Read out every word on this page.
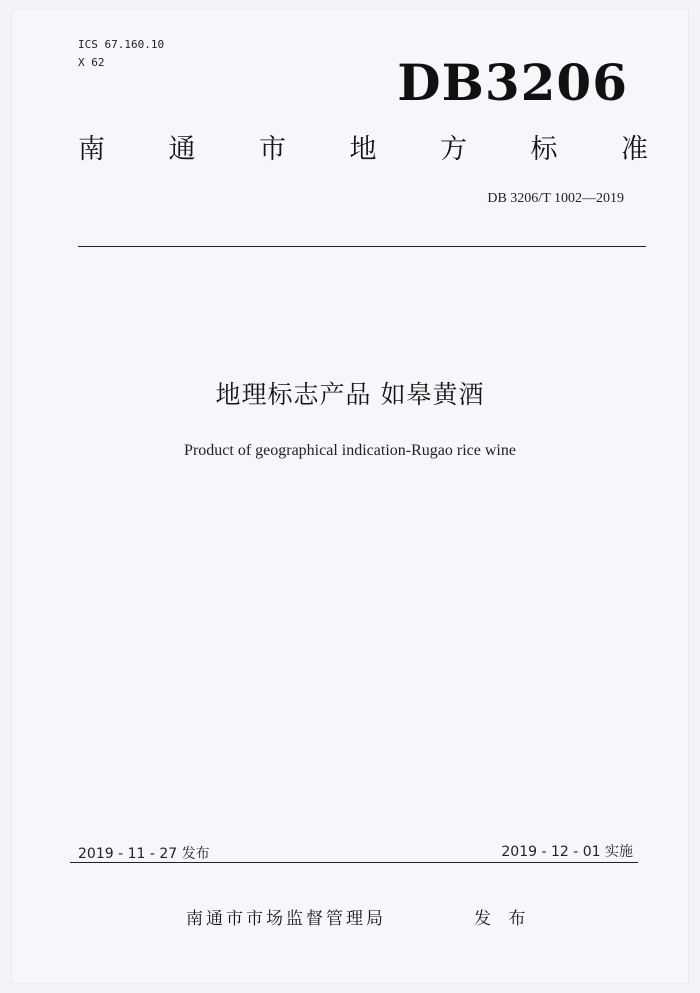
ICS 67.160.10
X 62	DB3206
南 通 市 地 方 标 准
DB 3206/T 1002—2019
地理标志产品 如皋黄酒
Product of geographical indication-Rugao rice wine
2019 - 11 - 27 发布	2019 - 12 - 01 实施
南通市市场监督管理局	发 布
